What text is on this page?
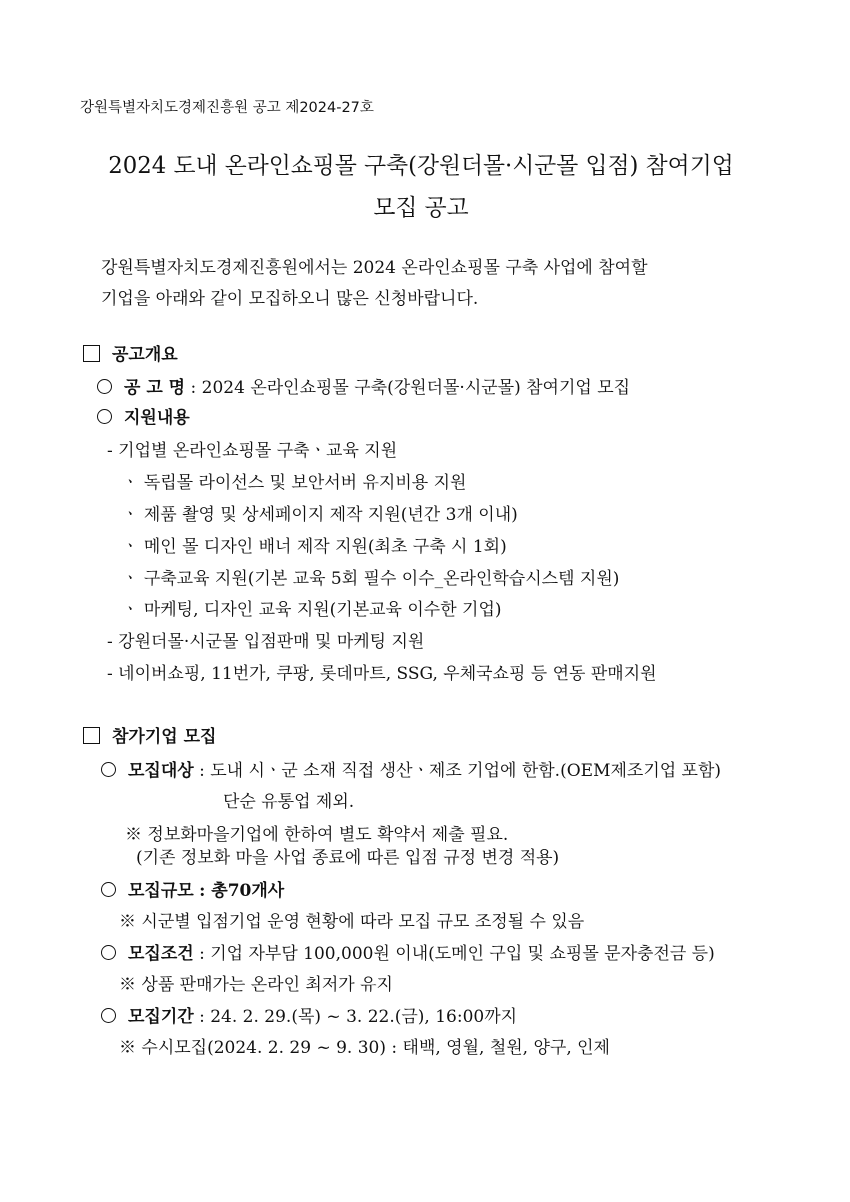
강원특별자치도경제진흥원 공고 제2024-27호
2024 도내 온라인쇼핑몰 구축(강원더몰·시군몰 입점) 참여기업
모집 공고
강원특별자치도경제진흥원에서는 2024 온라인쇼핑몰 구축 사업에 참여할
기업을 아래와 같이 모집하오니 많은 신청바랍니다.
공고개요
공 고 명 : 2024 온라인쇼핑몰 구축(강원더몰·시군몰) 참여기업 모집
지원내용
- 기업별 온라인쇼핑몰 구축ㆍ교육 지원
ㆍ 독립몰 라이선스 및 보안서버 유지비용 지원
ㆍ 제품 촬영 및 상세페이지 제작 지원(년간 3개 이내)
ㆍ 메인 몰 디자인 배너 제작 지원(최초 구축 시 1회)
ㆍ 구축교육 지원(기본 교육 5회 필수 이수_온라인학습시스템 지원)
ㆍ 마케팅, 디자인 교육 지원(기본교육 이수한 기업)
- 강원더몰·시군몰 입점판매 및 마케팅 지원
- 네이버쇼핑, 11번가, 쿠팡, 롯데마트, SSG, 우체국쇼핑 등 연동 판매지원
참가기업 모집
모집대상 : 도내 시ㆍ군 소재 직접 생산ㆍ제조 기업에 한함.(OEM제조기업 포함)
단순 유통업 제외.
※ 정보화마을기업에 한하여 별도 확약서 제출 필요.
(기존 정보화 마을 사업 종료에 따른 입점 규정 변경 적용)
모집규모 : 총70개사
※ 시군별 입점기업 운영 현황에 따라 모집 규모 조정될 수 있음
모집조건 : 기업 자부담 100,000원 이내(도메인 구입 및 쇼핑몰 문자충전금 등)
※ 상품 판매가는 온라인 최저가 유지
모집기간 : 24. 2. 29.(목) ~ 3. 22.(금), 16:00까지
※ 수시모집(2024. 2. 29 ~ 9. 30) : 태백, 영월, 철원, 양구, 인제
